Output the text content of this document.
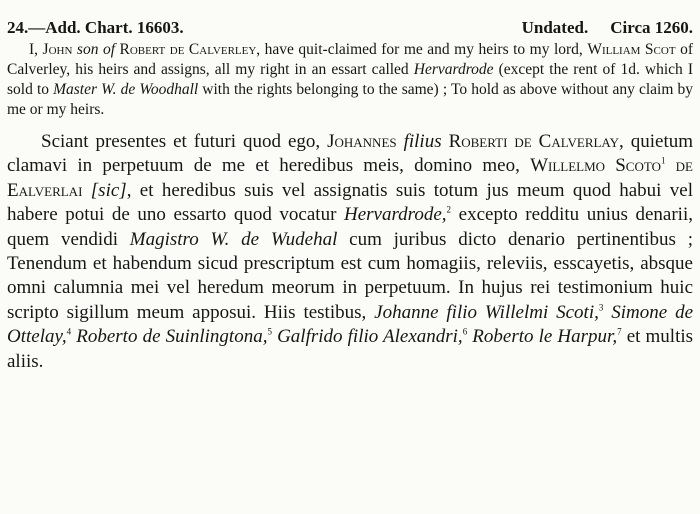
24.—Add. Chart. 16603.	Undated. Circa 1260.

I, John son of Robert de Calverley, have quit-claimed for me and my heirs to my lord, William Scot of Calverley, his heirs and assigns, all my right in an essart called Hervardrode (except the rent of 1d. which I sold to Master W. de Woodhall with the rights belonging to the same) ; To hold as above without any claim by me or my heirs.

Sciant presentes et futuri quod ego, Johannes filius Roberti de Calverlay, quietum clamavi in perpetuum de me et heredibus meis, domino meo, Willelmo Scoto$^1$ de Ealverlai [sic], et heredibus suis vel assignatis suis totum jus meum quod habui vel habere potui de uno essarto quod vocatur Hervardrode,$^2$ excepto redditu unius denarii, quem vendidi Magistro W. de Wudehal cum juribus dicto denario pertinentibus ; Tenendum et habendum sicud prescriptum est cum homagiis, releviis, esscayetis, absque omni calumnia mei vel heredum meorum in perpetuum. In hujus rei testimonium huic scripto sigillum meum apposui. Hiis testibus, Johanne filio Willelmi Scoti,$^3$ Simone de Ottelay,$^4$ Roberto de Suinlingtona,$^5$ Galfrido filio Alexandri,$^6$ Roberto le Harpur,$^7$ et multis aliis.
